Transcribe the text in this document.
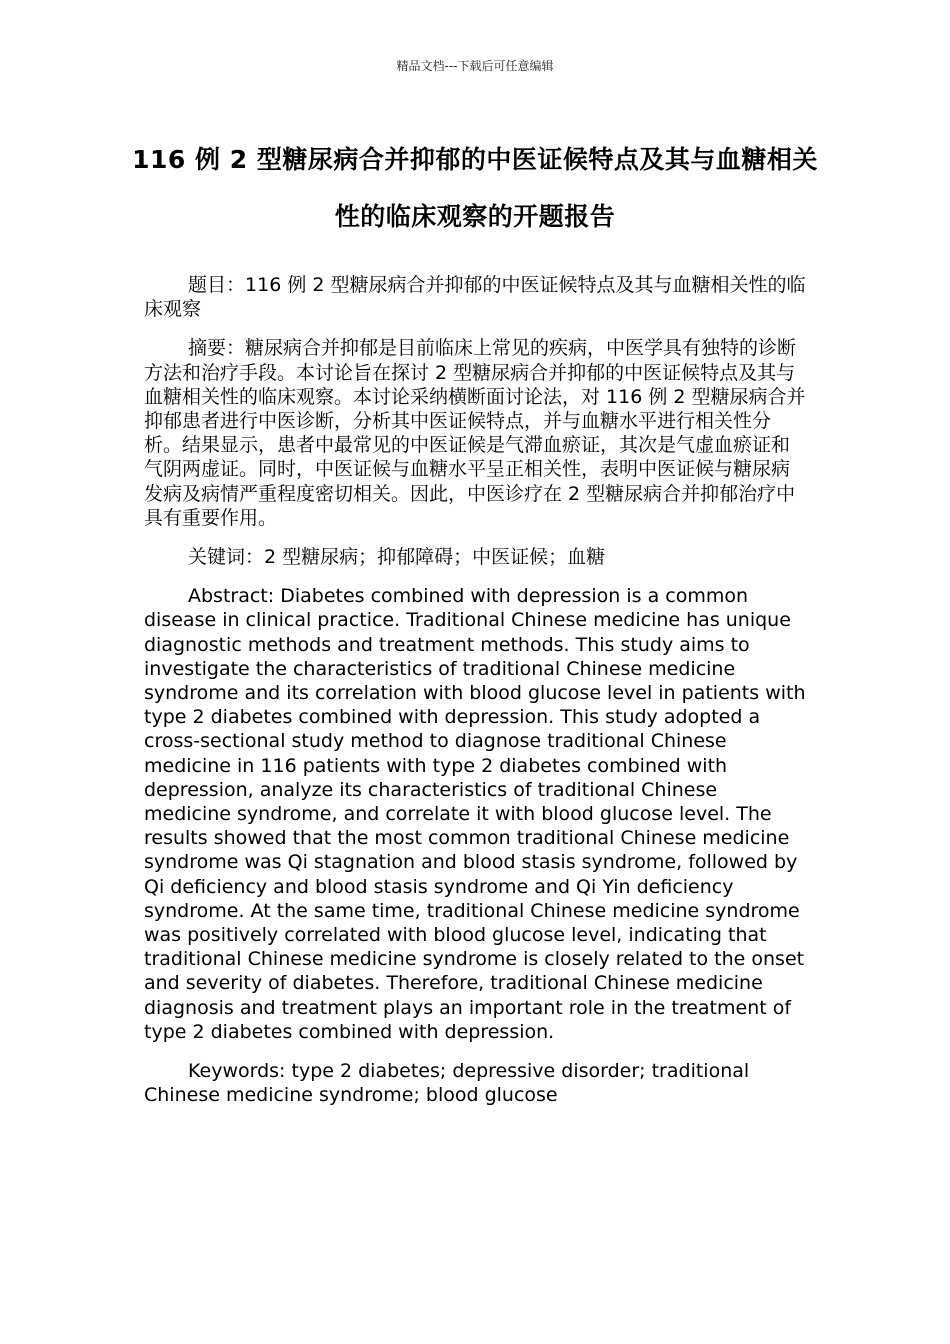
精品文档---下载后可任意编辑
116 例 2 型糖尿病合并抑郁的中医证候特点及其与血糖相关性的临床观察的开题报告

题目：116 例 2 型糖尿病合并抑郁的中医证候特点及其与血糖相关性的临床观察

摘要：糖尿病合并抑郁是目前临床上常见的疾病，中医学具有独特的诊断方法和治疗手段。本讨论旨在探讨 2 型糖尿病合并抑郁的中医证候特点及其与血糖相关性的临床观察。本讨论采纳横断面讨论法，对 116 例 2 型糖尿病合并抑郁患者进行中医诊断，分析其中医证候特点，并与血糖水平进行相关性分析。结果显示，患者中最常见的中医证候是气滞血瘀证，其次是气虚血瘀证和气阴两虚证。同时，中医证候与血糖水平呈正相关性，表明中医证候与糖尿病发病及病情严重程度密切相关。因此，中医诊疗在 2 型糖尿病合并抑郁治疗中具有重要作用。

关键词：2 型糖尿病；抑郁障碍；中医证候；血糖

Abstract: Diabetes combined with depression is a common disease in clinical practice. Traditional Chinese medicine has unique diagnostic methods and treatment methods. This study aims to investigate the characteristics of traditional Chinese medicine syndrome and its correlation with blood glucose level in patients with type 2 diabetes combined with depression. This study adopted a cross-sectional study method to diagnose traditional Chinese medicine in 116 patients with type 2 diabetes combined with depression, analyze its characteristics of traditional Chinese medicine syndrome, and correlate it with blood glucose level. The results showed that the most common traditional Chinese medicine syndrome was Qi stagnation and blood stasis syndrome, followed by Qi deficiency and blood stasis syndrome and Qi Yin deficiency syndrome. At the same time, traditional Chinese medicine syndrome was positively correlated with blood glucose level, indicating that traditional Chinese medicine syndrome is closely related to the onset and severity of diabetes. Therefore, traditional Chinese medicine diagnosis and treatment plays an important role in the treatment of type 2 diabetes combined with depression.

Keywords: type 2 diabetes; depressive disorder; traditional Chinese medicine syndrome; blood glucose
